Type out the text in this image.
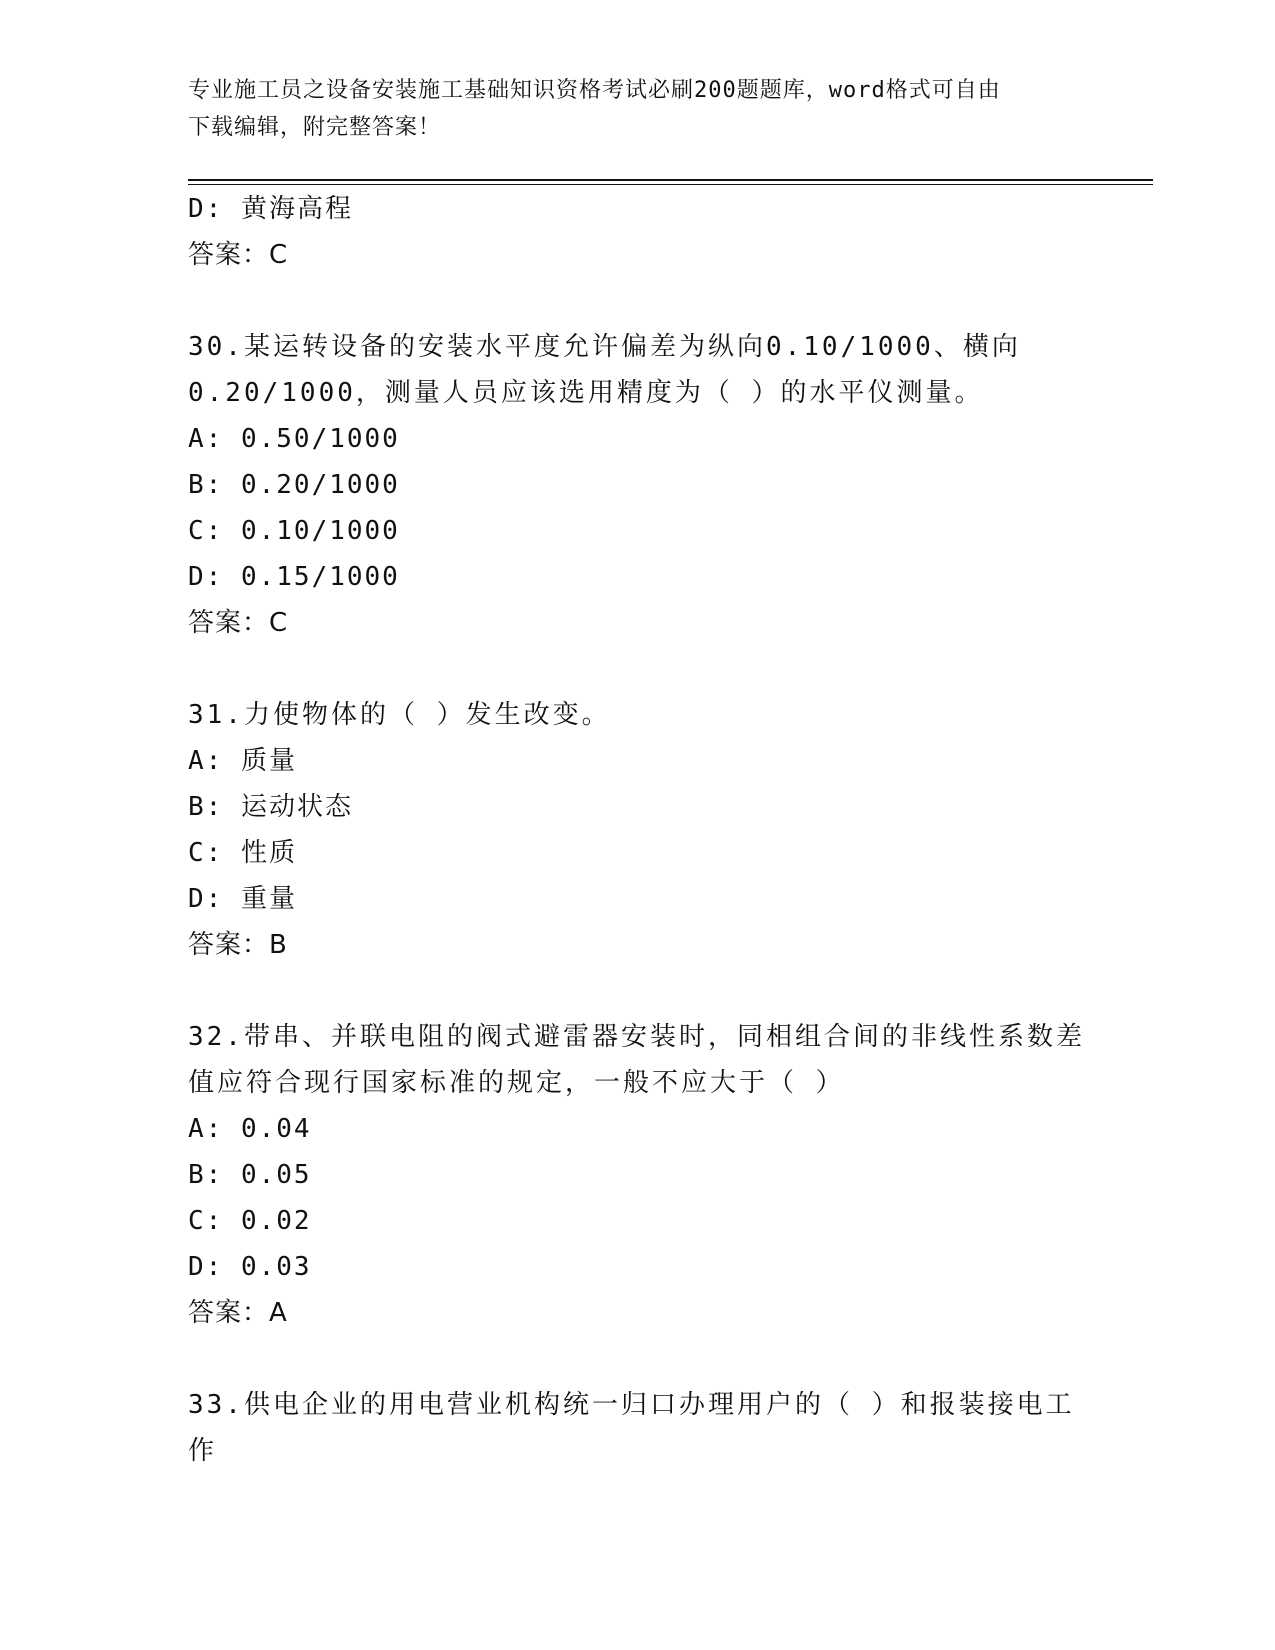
专业施工员之设备安装施工基础知识资格考试必刷200题题库，word格式可自由
下载编辑，附完整答案！
D: 黄海高程
答案：C
30.某运转设备的安装水平度允许偏差为纵向0.10/1000、横向
0.20/1000，测量人员应该选用精度为（ ）的水平仪测量。
A: 0.50/1000
B: 0.20/1000
C: 0.10/1000
D: 0.15/1000
答案：C
31.力使物体的（ ）发生改变。
A: 质量
B: 运动状态
C: 性质
D: 重量
答案：B
32.带串、并联电阻的阀式避雷器安装时，同相组合间的非线性系数差
值应符合现行国家标准的规定，一般不应大于（ ）
A: 0.04
B: 0.05
C: 0.02
D: 0.03
答案：A
33.供电企业的用电营业机构统一归口办理用户的（ ）和报装接电工
作
